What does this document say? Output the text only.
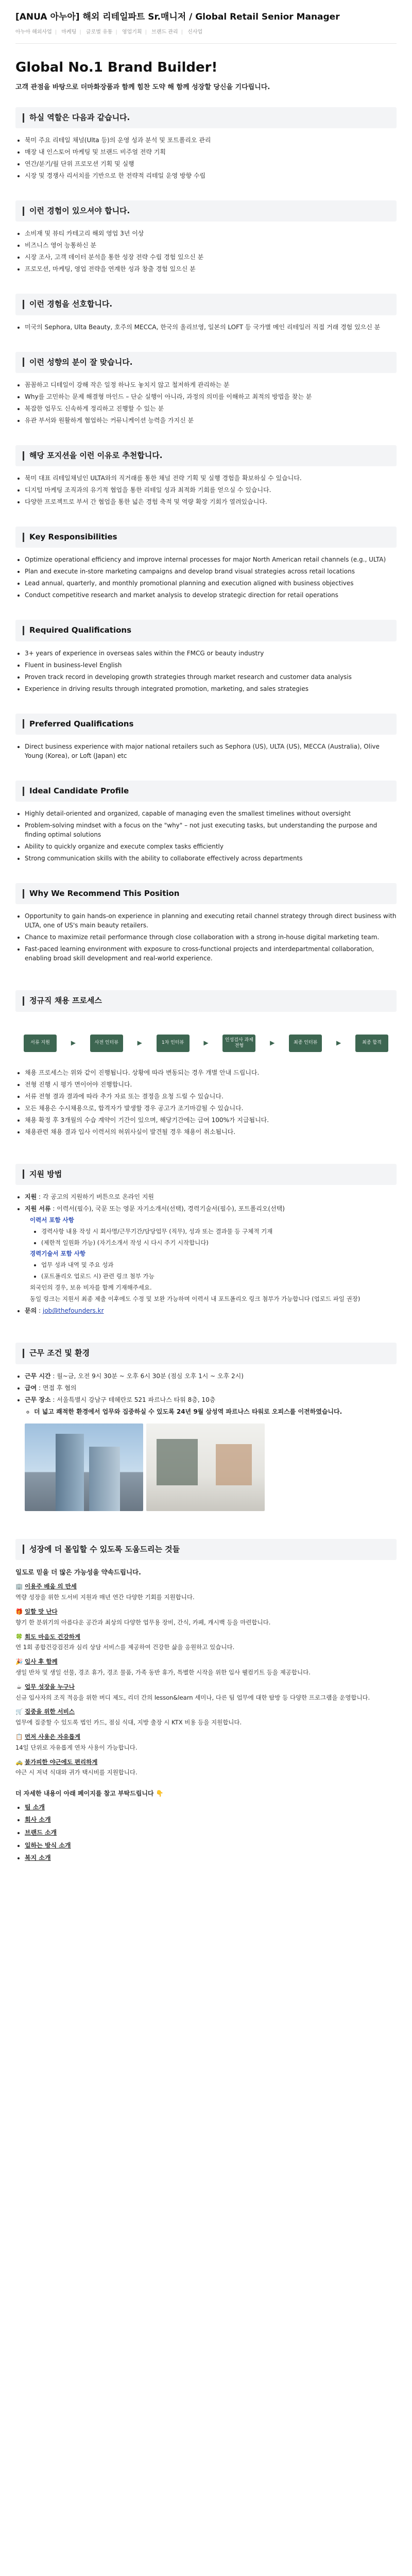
[ANUA 아누아] 해외 리테일파트 Sr.매니저 / Global Retail Senior Manager
아누아 해외사업 | 마케팅 | 글로벌 유통 | 영업기획 | 브랜드 관리 | 신사업
Global No.1 Brand Builder!
고객 관점을 바탕으로 더마화장품과 함께 힘찬 도약 해 함께 성장할 당신을 기다립니다.
하실 역할은 다음과 같습니다.
• 북미 주요 리테일 채널(Ulta 등)의 운영 성과 분석 및 포트폴리오 관리
• 매장 내 인스토어 마케팅 및 브랜드 비주얼 전략 기획
• 연간/분기/월 단위 프로모션 기획 및 실행
• 시장 및 경쟁사 리서치를 기반으로 한 전략적 리테일 운영 방향 수립
이런 경험이 있으셔야 합니다.
• 소비재 및 뷰티 카테고리 해외 영업 3년 이상
• 비즈니스 영어 능통하신 분
• 시장 조사, 고객 데이터 분석을 통한 성장 전략 수립 경험 있으신 분
• 프로모션, 마케팅, 영업 전략을 연계한 성과 창출 경험 있으신 분
이런 경험을 선호합니다.
• 미국의 Sephora, Ulta Beauty, 호주의 MECCA, 한국의 올리브영, 일본의 LOFT 등 국가별 메인 리테일러 직접 거래 경험 있으신 분
이런 성향의 분이 잘 맞습니다.
• 꼼꼼하고 디테일이 강해 작은 일정 하나도 놓치지 않고 철저하게 관리하는 분
• Why를 고민하는 문제 해결형 마인드 – 단순 실행이 아니라, 과정의 의미를 이해하고 최적의 방법을 찾는 분
• 복잡한 업무도 신속하게 정리하고 진행할 수 있는 분
• 유관 부서와 원활하게 협업하는 커뮤니케이션 능력을 가지신 분
해당 포지션을 이런 이유로 추천합니다.
• 북미 대표 리테일채널인 ULTA와의 직거래를 통한 채널 전략 기획 및 실행 경험을 확보하실 수 있습니다.
• 디지털 마케팅 조직과의 유기적 협업을 통한 리테일 성과 최적화 기회를 얻으실 수 있습니다.
• 다양한 프로젝트로 부서 간 협업을 통한 넓은 경험 축적 및 역량 확장 기회가 열려있습니다.
Key Responsibilities
• Optimize operational efficiency and improve internal processes for major North American retail channels (e.g., ULTA)
• Plan and execute in-store marketing campaigns and develop brand visual strategies across retail locations
• Lead annual, quarterly, and monthly promotional planning and execution aligned with business objectives
• Conduct competitive research and market analysis to develop strategic direction for retail operations
Required Qualifications
• 3+ years of experience in overseas sales within the FMCG or beauty industry
• Fluent in business-level English
• Proven track record in developing growth strategies through market research and customer data analysis
• Experience in driving results through integrated promotion, marketing, and sales strategies
Preferred Qualifications
• Direct business experience with major national retailers such as Sephora (US), ULTA (US), MECCA (Australia), Olive Young (Korea), or Loft (Japan) etc
Ideal Candidate Profile
• Highly detail-oriented and organized, capable of managing even the smallest timelines without oversight
• Problem-solving mindset with a focus on the "why" – not just executing tasks, but understanding the purpose and finding optimal solutions
• Ability to quickly organize and execute complex tasks efficiently
• Strong communication skills with the ability to collaborate effectively across departments
Why We Recommend This Position
• Opportunity to gain hands-on experience in planning and executing retail channel strategy through direct business with ULTA, one of US's main beauty retailers.
• Chance to maximize retail performance through close collaboration with a strong in-house digital marketing team.
• Fast-paced learning environment with exposure to cross-functional projects and interdepartmental collaboration, enabling broad skill development and real-world experience.
정규직 채용 프로세스
서류 지원	▶	사전 인터뷰	▶	1차 인터뷰	▶	인성검사 과제 전형	▶	최종 인터뷰	▶	최종 합격
• 채용 프로세스는 위와 같이 진행됩니다. 상황에 따라 변동되는 경우 개별 안내 드립니다.
• 전형 진행 시 평가 면이어야 진행합니다.
• 서류 전형 결과 결과에 따라 추가 자료 또는 결정을 요청 드릴 수 있습니다.
• 모든 채용은 수시채용으로, 합격자가 발생할 경우 공고가 조기마감될 수 있습니다.
• 채용 확정 후 3개월의 수습 계약이 기간이 있으며, 해당기간에는 급여 100%가 지급됩니다.
• 채용관련 채용 결과 입사 이력서의 허위사실이 발견될 경우 채용이 취소됩니다.
지원 방법
• 지원 : 각 공고의 지원하기 버튼으로 온라인 지원
• 지원 서류 : 이력서(필수), 국문 또는 영문 자기소개서(선택), 경력기술서(필수), 포트폴리오(선택)
이력서 포함 사항
• 경력사항 내용 작성 시 회사명/근무기간/담당업무 (직무), 성과 또는 결과물 등 구체적 기재
• (제한적 일원화 가능) (자기소개서 작성 시 다시 주기 시작합니다)
경력기술서 포함 사항
• 업무 성과 내역 및 주요 성과
• (포트폴리오 업로드 시) 관련 링크 첨부 가능
외국인의 경우, 보유 비자를 함께 기재해주세요.
동일 링크는 지원서 최종 제출 이후에도 수정 및 보완 가능하며 이력서 내 포트폴리오 링크 첨부가 가능합니다 (업로드 파일 권장)
• 문의 : job@thefounders.kr
근무 조건 및 환경
• 근무 시간 : 월~금, 오전 9시 30분 ~ 오후 6시 30분 (점심 오후 1시 ~ 오후 2시)
• 급여 : 면접 후 협의
• 근무 장소 : 서울특별시 강남구 테헤란로 521 파르나스 타워 8층, 10층
◦ 더 넓고 쾌적한 환경에서 업무와 집중하실 수 있도록 24년 9월 삼성역 파르나스 타워로 오피스를 이전하였습니다.
성장에 더 몰입할 수 있도록 도움드리는 것들
일도로 믿을 더 많은 가능성을 약속드립니다.
🏢 이용주 배움 의 만세

역량 성장을 위한 도서비 지원과 매년 연간 다양한 기회를 지원합니다.

🎁 일할 맛 난다

향기 한 분위기의 아름다운 공간과 최상의 다양한 업무용 장비, 간식, 카페, 캐시백 등을 마련합니다.

🍀 회도 마음도 건강하게

연 1회 종합건강검진과 심리 상담 서비스를 제공하여 건강한 삶을 응원하고 있습니다.

🎉 입사 후 함께

생일 반차 및 생일 선물, 경조 휴가, 경조 물품, 가족 동반 휴가, 특별한 시작을 위한 입사 웰컴키트 등을 제공합니다.

☕ 업무 성장을 누구나

신규 입사자의 조직 적응을 위한 버디 제도, 리더 간의 lesson&learn 세미나, 다른 팀 업무에 대한 탐방 등 다양한 프로그램을 운영합니다.

🛒 집중을 위한 서비스

업무에 집중할 수 있도록 법인 카드, 점심 식대, 지방 출장 시 KTX 비용 등을 지원합니다.

📋 먼저 사용은 자유롭게

14일 단위로 자유롭게 연차 사용이 가능합니다.

🚕 불가피한 야근에도 편리하게

야근 시 저녁 식대와 귀가 택시비를 지원합니다.

더 자세한 내용이 아래 페이지를 참고 부탁드립니다 👇
• 팀 소개
• 회사 소개
• 브랜드 소개
• 일하는 방식 소개
• 복지 소개
